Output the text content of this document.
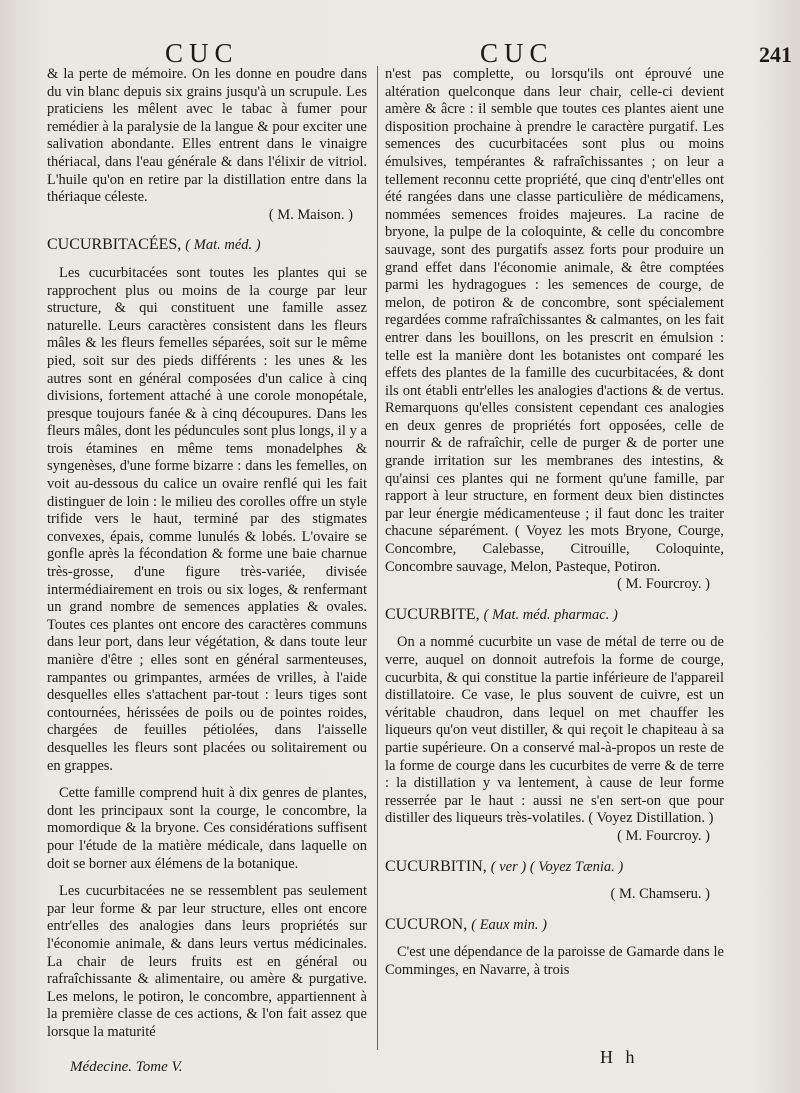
CUC	CUC	241

& la perte de mémoire. On les donne en poudre dans du vin blanc depuis six grains jusqu'à un scrupule. Les praticiens les mêlent avec le tabac à fumer pour remédier à la paralysie de la langue & pour exciter une salivation abondante. Elles entrent dans le vinaigre thériacal, dans l'eau générale & dans l'élixir de vitriol. L'huile qu'on en retire par la distillation entre dans la thériaque céleste.

( M. Maison. )
CUCURBITACÉES, ( Mat. méd. )

Les cucurbitacées sont toutes les plantes qui se rapprochent plus ou moins de la courge par leur structure, & qui constituent une famille assez naturelle. Leurs caractères consistent dans les fleurs mâles & les fleurs femelles séparées, soit sur le même pied, soit sur des pieds différents : les unes & les autres sont en général composées d'un calice à cinq divisions, fortement attaché à une corole monopétale, presque toujours fanée & à cinq découpures. Dans les fleurs mâles, dont les péduncules sont plus longs, il y a trois étamines en même tems monadelphes & syngenèses, d'une forme bizarre : dans les femelles, on voit au-dessous du calice un ovaire renflé qui les fait distinguer de loin : le milieu des corolles offre un style trifide vers le haut, terminé par des stigmates convexes, épais, comme lunulés & lobés. L'ovaire se gonfle après la fécondation & forme une baie charnue très-grosse, d'une figure très-variée, divisée intermédiairement en trois ou six loges, & renfermant un grand nombre de semences applaties & ovales. Toutes ces plantes ont encore des caractères communs dans leur port, dans leur végétation, & dans toute leur manière d'être ; elles sont en général sarmenteuses, rampantes ou grimpantes, armées de vrilles, à l'aide desquelles elles s'attachent par-tout : leurs tiges sont contournées, hérissées de poils ou de pointes roides, chargées de feuilles pétiolées, dans l'aisselle desquelles les fleurs sont placées ou solitairement ou en grappes.

Cette famille comprend huit à dix genres de plantes, dont les principaux sont la courge, le concombre, la momordique & la bryone. Ces considérations suffisent pour l'étude de la matière médicale, dans laquelle on doit se borner aux élémens de la botanique.

Les cucurbitacées ne se ressemblent pas seulement par leur forme & par leur structure, elles ont encore entr'elles des analogies dans leurs propriétés sur l'économie animale, & dans leurs vertus médicinales. La chair de leurs fruits est en général ou rafraîchissante & alimentaire, ou amère & purgative. Les melons, le potiron, le concombre, appartiennent à la première classe de ces actions, & l'on fait assez que lorsque la maturité

n'est pas complette, ou lorsqu'ils ont éprouvé une altération quelconque dans leur chair, celle-ci devient amère & âcre : il semble que toutes ces plantes aient une disposition prochaine à prendre le caractère purgatif. Les semences des cucurbitacées sont plus ou moins émulsives, tempérantes & rafraîchissantes ; on leur a tellement reconnu cette propriété, que cinq d'entr'elles ont été rangées dans une classe particulière de médicamens, nommées semences froides majeures. La racine de bryone, la pulpe de la coloquinte, & celle du concombre sauvage, sont des purgatifs assez forts pour produire un grand effet dans l'économie animale, & être comptées parmi les hydragogues : les semences de courge, de melon, de potiron & de concombre, sont spécialement regardées comme rafraîchissantes & calmantes, on les fait entrer dans les bouillons, on les prescrit en émulsion : telle est la manière dont les botanistes ont comparé les effets des plantes de la famille des cucurbitacées, & dont ils ont établi entr'elles les analogies d'actions & de vertus. Remarquons qu'elles consistent cependant ces analogies en deux genres de propriétés fort opposées, celle de nourrir & de rafraîchir, celle de purger & de porter une grande irritation sur les membranes des intestins, & qu'ainsi ces plantes qui ne forment qu'une famille, par rapport à leur structure, en forment deux bien distinctes par leur énergie médicamenteuse ; il faut donc les traiter chacune séparément. ( Voyez les mots Bryone, Courge, Concombre, Calebasse, Citrouille, Coloquinte, Concombre sauvage, Melon, Pasteque, Potiron.

( M. Fourcroy. )
CUCURBITE, ( Mat. méd. pharmac. )

On a nommé cucurbite un vase de métal de terre ou de verre, auquel on donnoit autrefois la forme de courge, cucurbita, & qui constitue la partie inférieure de l'appareil distillatoire. Ce vase, le plus souvent de cuivre, est un véritable chaudron, dans lequel on met chauffer les liqueurs qu'on veut distiller, & qui reçoit le chapiteau à sa partie supérieure. On a conservé mal-à-propos un reste de la forme de courge dans les cucurbites de verre & de terre : la distillation y va lentement, à cause de leur forme resserrée par le haut : aussi ne s'en sert-on que pour distiller des liqueurs très-volatiles. ( Voyez Distillation. )

( M. Fourcroy. )
CUCURBITIN, ( ver ) ( Voyez Tænia. )
( M. Chamseru. )
CUCURON, ( Eaux min. )

C'est une dépendance de la paroisse de Gamarde dans le Comminges, en Navarre, à trois

Médecine. Tome V.	H h
